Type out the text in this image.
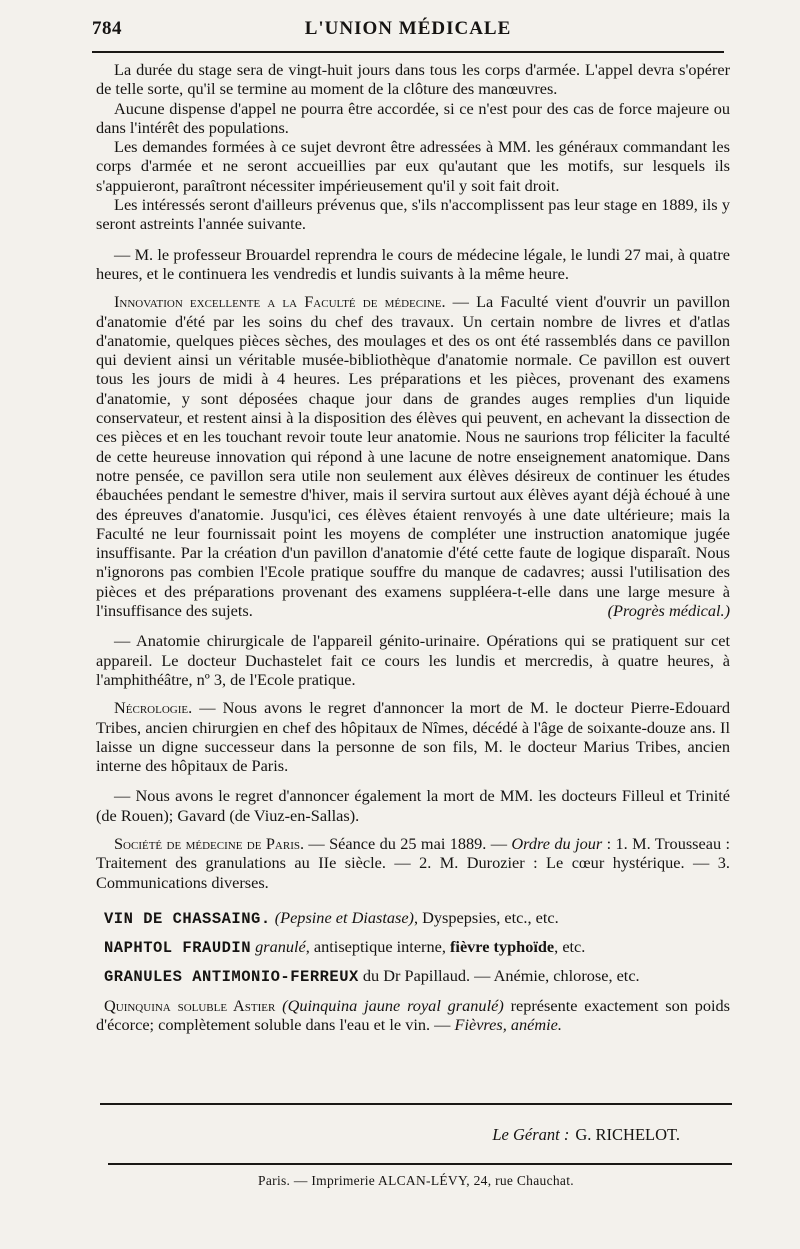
784	L'UNION MÉDICALE

La durée du stage sera de vingt-huit jours dans tous les corps d'armée. L'appel devra s'opérer de telle sorte, qu'il se termine au moment de la clôture des manœuvres.

Aucune dispense d'appel ne pourra être accordée, si ce n'est pour des cas de force majeure ou dans l'intérêt des populations.

Les demandes formées à ce sujet devront être adressées à MM. les généraux commandant les corps d'armée et ne seront accueillies par eux qu'autant que les motifs, sur lesquels ils s'appuieront, paraîtront nécessiter impérieusement qu'il y soit fait droit.

Les intéressés seront d'ailleurs prévenus que, s'ils n'accomplissent pas leur stage en 1889, ils y seront astreints l'année suivante.

— M. le professeur Brouardel reprendra le cours de médecine légale, le lundi 27 mai, à quatre heures, et le continuera les vendredis et lundis suivants à la même heure.

Innovation excellente a la Faculté de médecine. — La Faculté vient d'ouvrir un pavillon d'anatomie d'été par les soins du chef des travaux. Un certain nombre de livres et d'atlas d'anatomie, quelques pièces sèches, des moulages et des os ont été rassemblés dans ce pavillon qui devient ainsi un véritable musée-bibliothèque d'anatomie normale. Ce pavillon est ouvert tous les jours de midi à 4 heures. Les préparations et les pièces, provenant des examens d'anatomie, y sont déposées chaque jour dans de grandes auges remplies d'un liquide conservateur, et restent ainsi à la disposition des élèves qui peuvent, en achevant la dissection de ces pièces et en les touchant revoir toute leur anatomie. Nous ne saurions trop féliciter la faculté de cette heureuse innovation qui répond à une lacune de notre enseignement anatomique. Dans notre pensée, ce pavillon sera utile non seulement aux élèves désireux de continuer les études ébauchées pendant le semestre d'hiver, mais il servira surtout aux élèves ayant déjà échoué à une des épreuves d'anatomie. Jusqu'ici, ces élèves étaient renvoyés à une date ultérieure; mais la Faculté ne leur fournissait point les moyens de compléter une instruction anatomique jugée insuffisante. Par la création d'un pavillon d'anatomie d'été cette faute de logique disparaît. Nous n'ignorons pas combien l'Ecole pratique souffre du manque de cadavres; aussi l'utilisation des pièces et des préparations provenant des examens suppléera-t-elle dans une large mesure à l'insuffisance des sujets.	(Progrès médical.)

— Anatomie chirurgicale de l'appareil génito-urinaire. Opérations qui se pratiquent sur cet appareil. Le docteur Duchastelet fait ce cours les lundis et mercredis, à quatre heures, à l'amphithéâtre, nº 3, de l'Ecole pratique.

Nécrologie. — Nous avons le regret d'annoncer la mort de M. le docteur Pierre-Edouard Tribes, ancien chirurgien en chef des hôpitaux de Nîmes, décédé à l'âge de soixante-douze ans. Il laisse un digne successeur dans la personne de son fils, M. le docteur Marius Tribes, ancien interne des hôpitaux de Paris.

— Nous avons le regret d'annoncer également la mort de MM. les docteurs Filleul et Trinité (de Rouen); Gavard (de Viuz-en-Sallas).

Société de médecine de Paris. — Séance du 25 mai 1889. — Ordre du jour : 1. M. Trousseau : Traitement des granulations au IIe siècle. — 2. M. Durozier : Le cœur hystérique. — 3. Communications diverses.

VIN DE CHASSAING. (Pepsine et Diastase), Dyspepsies, etc., etc.

NAPHTOL FRAUDIN granulé, antiseptique interne, fièvre typhoïde, etc.

GRANULES ANTIMONIO-FERREUX du Dr Papillaud. — Anémie, chlorose, etc.

Quinquina soluble Astier (Quinquina jaune royal granulé) représente exactement son poids d'écorce; complètement soluble dans l'eau et le vin. — Fièvres, anémie.

Le Gérant : G. RICHELOT.
Paris. — Imprimerie ALCAN-LÉVY, 24, rue Chauchat.
